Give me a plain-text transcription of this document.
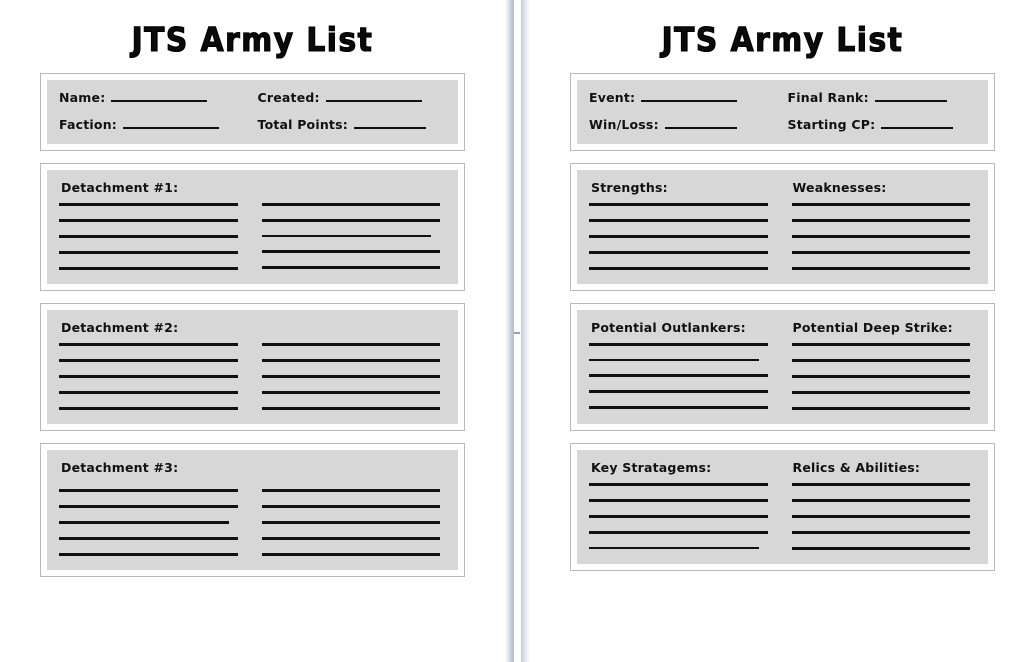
JTS Army List
Name:	Created:
Faction:	Total Points:
Detachment #1:
Detachment #2:
Detachment #3:
JTS Army List
Event:	Final Rank:
Win/Loss:	Starting CP:
Strengths:	Weaknesses:
Potential Outlankers:	Potential Deep Strike:
Key Stratagems:	Relics & Abilities:
